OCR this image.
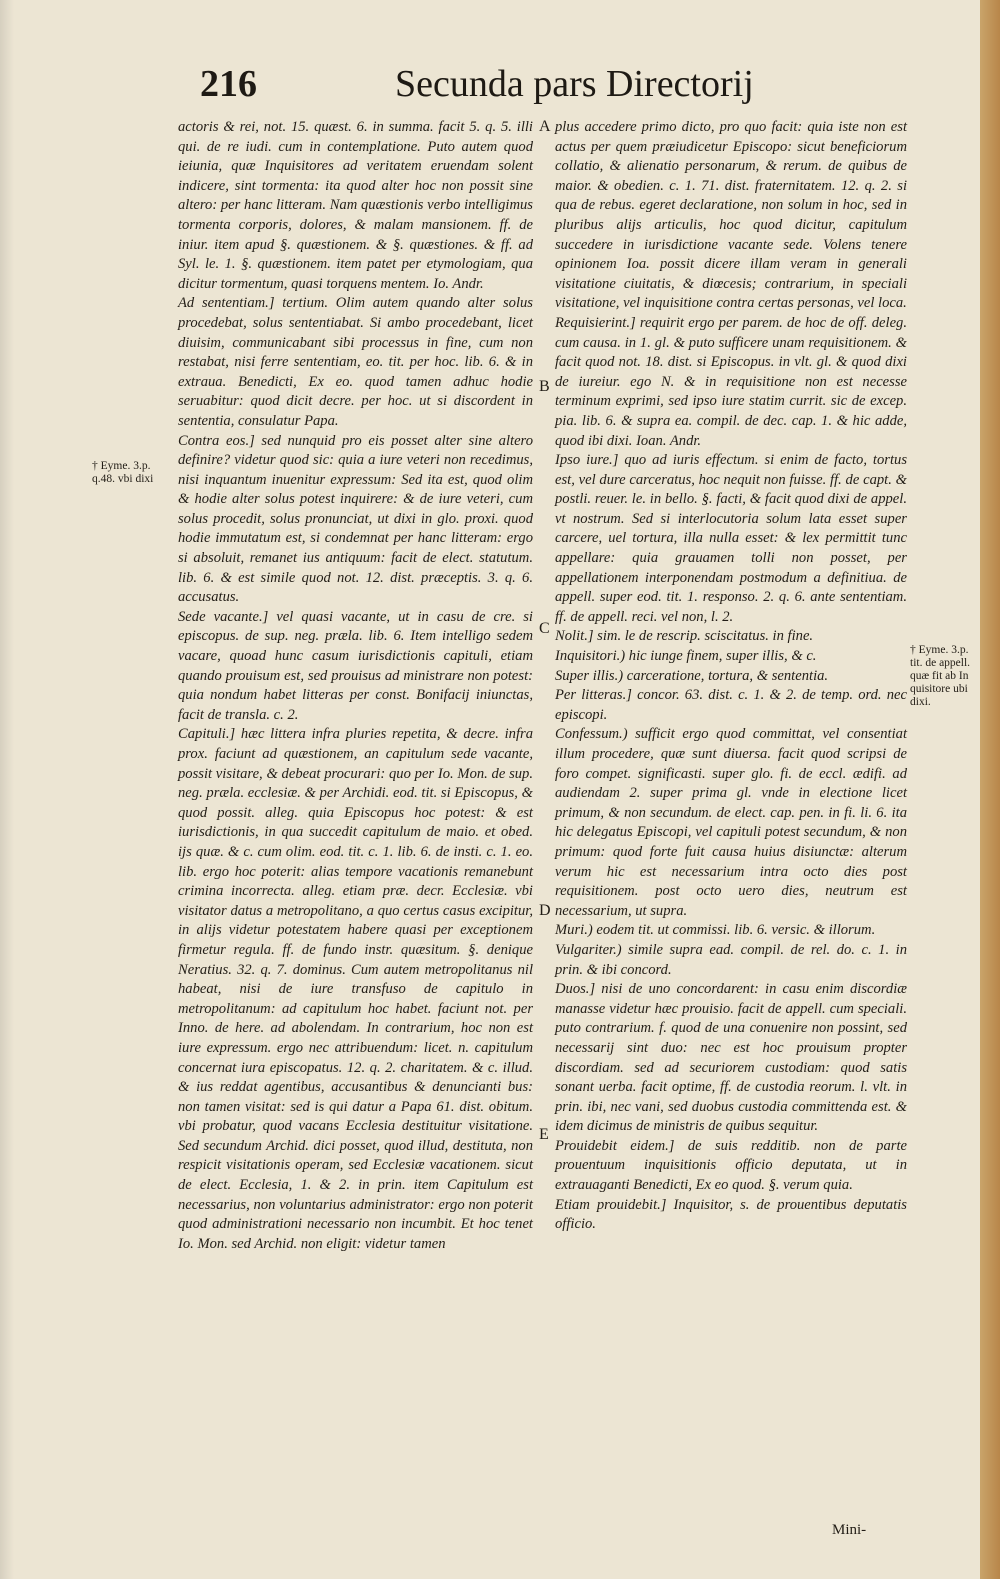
216	Secunda pars Directorij

actoris & rei, not. 15. quæst. 6. in summa. facit 5. q. 5. illi qui. de re iudi. cum in contemplatione. Puto autem quod ieiunia, quæ Inquisitores ad veritatem eruendam solent indicere, sint tormenta: ita quod alter hoc non possit sine altero: per hanc litteram. Nam quæstionis verbo intelligimus tormenta corporis, dolores, & malam mansionem. ff. de iniur. item apud §. quæstionem. & §. quæstiones. & ff. ad Syl. le. 1. §. quæstionem. item patet per etymologiam, qua dicitur tormentum, quasi torquens mentem. Io. Andr.

Ad sententiam.] tertium. Olim autem quando alter solus procedebat, solus sententiabat. Si ambo procedebant, licet diuisim, communicabant sibi processus in fine, cum non restabat, nisi ferre sententiam, eo. tit. per hoc. lib. 6. & in extraua. Benedicti, Ex eo. quod tamen adhuc hodie seruabitur: quod dicit decre. per hoc. ut si discordent in sententia, consulatur Papa.

Contra eos.] sed nunquid pro eis posset alter sine altero definire? videtur quod sic: quia a iure veteri non recedimus, nisi inquantum inuenitur expressum: Sed ita est, quod olim & hodie alter solus potest inquirere: & de iure veteri, cum solus procedit, solus pronunciat, ut dixi in glo. proxi. quod hodie immutatum est, si condemnat per hanc litteram: ergo si absoluit, remanet ius antiquum: facit de elect. statutum. lib. 6. & est simile quod not. 12. dist. præceptis. 3. q. 6. accusatus.

Sede vacante.] vel quasi vacante, ut in casu de cre. si episcopus. de sup. neg. præla. lib. 6. Item intelligo sedem vacare, quoad hunc casum iurisdictionis capituli, etiam quando prouisum est, sed prouisus ad ministrare non potest: quia nondum habet litteras per const. Bonifacij iniunctas, facit de transla. c. 2.

Capituli.] hæc littera infra pluries repetita, & decre. infra prox. faciunt ad quæstionem, an capitulum sede vacante, possit visitare, & debeat procurari: quo per Io. Mon. de sup. neg. præla. ecclesiæ. & per Archidi. eod. tit. si Episcopus, & quod possit. alleg. quia Episcopus hoc potest: & est iurisdictionis, in qua succedit capitulum de maio. et obed. ijs quæ. & c. cum olim. eod. tit. c. 1. lib. 6. de insti. c. 1. eo. lib. ergo hoc poterit: alias tempore vacationis remanebunt crimina incorrecta. alleg. etiam præ. decr. Ecclesiæ. vbi visitator datus a metropolitano, a quo certus casus excipitur, in alijs videtur potestatem habere quasi per exceptionem firmetur regula. ff. de fundo instr. quæsitum. §. denique Neratius. 32. q. 7. dominus. Cum autem metropolitanus nil habeat, nisi de iure transfuso de capitulo in metropolitanum: ad capitulum hoc habet. faciunt not. per Inno. de here. ad abolendam. In contrarium, hoc non est iure expressum. ergo nec attribuendum: licet. n. capitulum concernat iura episcopatus. 12. q. 2. charitatem. & c. illud. & ius reddat agentibus, accusantibus & denuncianti bus: non tamen visitat: sed is qui datur a Papa 61. dist. obitum. vbi probatur, quod vacans Ecclesia destituitur visitatione. Sed secundum Archid. dici posset, quod illud, destituta, non respicit visitationis operam, sed Ecclesiæ vacationem. sicut de elect. Ecclesia, 1. & 2. in prin. item Capitulum est necessarius, non voluntarius administrator: ergo non poterit quod administrationi necessario non incumbit. Et hoc tenet Io. Mon. sed Archid. non eligit: videtur tamen

plus accedere primo dicto, pro quo facit: quia iste non est actus per quem præiudicetur Episcopo: sicut beneficiorum collatio, & alienatio personarum, & rerum. de quibus de maior. & obedien. c. 1. 71. dist. fraternitatem. 12. q. 2. si qua de rebus. egeret declaratione, non solum in hoc, sed in pluribus alijs articulis, hoc quod dicitur, capitulum succedere in iurisdictione vacante sede. Volens tenere opinionem Ioa. possit dicere illam veram in generali visitatione ciuitatis, & diœcesis; contrarium, in speciali visitatione, vel inquisitione contra certas personas, vel loca.

Requisierint.] requirit ergo per parem. de hoc de off. deleg. cum causa. in 1. gl. & puto sufficere unam requisitionem. & facit quod not. 18. dist. si Episcopus. in vlt. gl. & quod dixi de iureiur. ego N. & in requisitione non est necesse terminum exprimi, sed ipso iure statim currit. sic de excep. pia. lib. 6. & supra ea. compil. de dec. cap. 1. & hic adde, quod ibi dixi. Ioan. Andr.

Ipso iure.] quo ad iuris effectum. si enim de facto, tortus est, vel dure carceratus, hoc nequit non fuisse. ff. de capt. & postli. reuer. le. in bello. §. facti, & facit quod dixi de appel. vt nostrum. Sed si interlocutoria solum lata esset super carcere, uel tortura, illa nulla esset: & lex permittit tunc appellare: quia grauamen tolli non posset, per appellationem interponendam postmodum a definitiua. de appell. super eod. tit. 1. responso. 2. q. 6. ante sententiam. ff. de appell. reci. vel non, l. 2.

Nolit.] sim. le de rescrip. sciscitatus. in fine.

Inquisitori.) hic iunge finem, super illis, & c.

Super illis.) carceratione, tortura, & sententia.

Per litteras.] concor. 63. dist. c. 1. & 2. de temp. ord. nec episcopi.

Confessum.) sufficit ergo quod committat, vel consentiat illum procedere, quæ sunt diuersa. facit quod scripsi de foro compet. significasti. super glo. fi. de eccl. ædifi. ad audiendam 2. super prima gl. vnde in electione licet primum, & non secundum. de elect. cap. pen. in fi. li. 6. ita hic delegatus Episcopi, vel capituli potest secundum, & non primum: quod forte fuit causa huius disiunctæ: alterum verum hic est necessarium intra octo dies post requisitionem. post octo uero dies, neutrum est necessarium, ut supra.

Muri.) eodem tit. ut commissi. lib. 6. versic. & illorum.

Vulgariter.) simile supra ead. compil. de rel. do. c. 1. in prin. & ibi concord.

Duos.] nisi de uno concordarent: in casu enim discordiæ manasse videtur hæc prouisio. facit de appell. cum speciali. puto contrarium. f. quod de una conuenire non possint, sed necessarij sint duo: nec est hoc prouisum propter discordiam. sed ad securiorem custodiam: quod satis sonant uerba. facit optime, ff. de custodia reorum. l. vlt. in prin. ibi, nec vani, sed duobus custodia committenda est. & idem dicimus de ministris de quibus sequitur.

Prouidebit eidem.] de suis redditib. non de parte prouentuum inquisitionis officio deputata, ut in extrauaganti Benedicti, Ex eo quod. §. verum quia.

Etiam prouidebit.] Inquisitor, s. de prouentibus deputatis officio.

A
B
C
D
E
† Eyme. 3.p. q.48. vbi dixi
† Eyme. 3.p. tit. de appell. quæ fit ab In quisitore ubi dixi.
Mini-
